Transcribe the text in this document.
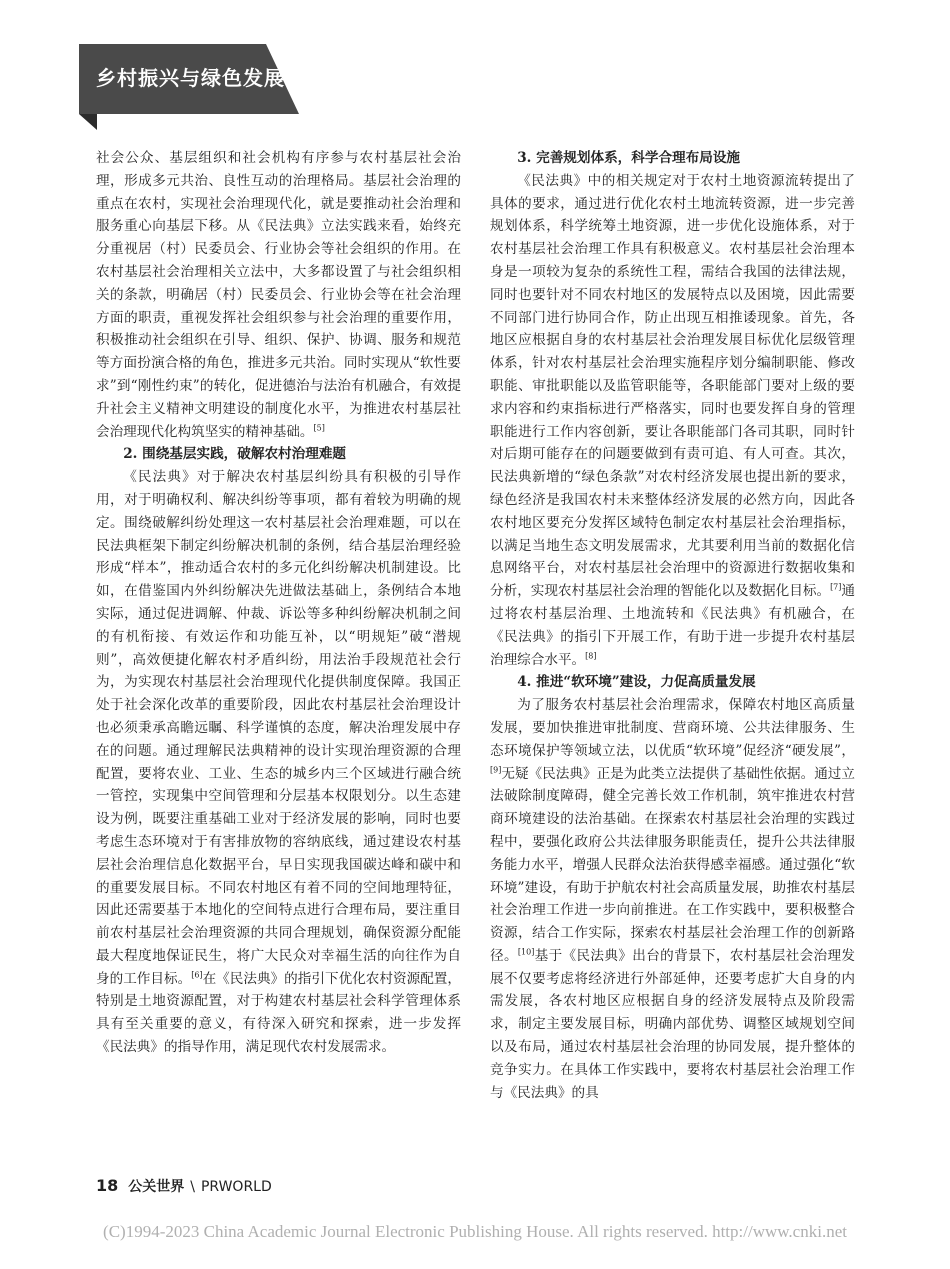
乡村振兴与绿色发展

社会公众、基层组织和社会机构有序参与农村基层社会治理，形成多元共治、良性互动的治理格局。基层社会治理的重点在农村，实现社会治理现代化，就是要推动社会治理和服务重心向基层下移。从《民法典》立法实践来看，始终充分重视居（村）民委员会、行业协会等社会组织的作用。在农村基层社会治理相关立法中，大多都设置了与社会组织相关的条款，明确居（村）民委员会、行业协会等在社会治理方面的职责，重视发挥社会组织参与社会治理的重要作用，积极推动社会组织在引导、组织、保护、协调、服务和规范等方面扮演合格的角色，推进多元共治。同时实现从“软性要求”到“刚性约束”的转化，促进德治与法治有机融合，有效提升社会主义精神文明建设的制度化水平，为推进农村基层社会治理现代化构筑坚实的精神基础。[5]

2. 围绕基层实践，破解农村治理难题

《民法典》对于解决农村基层纠纷具有积极的引导作用，对于明确权利、解决纠纷等事项，都有着较为明确的规定。围绕破解纠纷处理这一农村基层社会治理难题，可以在民法典框架下制定纠纷解决机制的条例，结合基层治理经验形成“样本”，推动适合农村的多元化纠纷解决机制建设。比如，在借鉴国内外纠纷解决先进做法基础上，条例结合本地实际，通过促进调解、仲裁、诉讼等多种纠纷解决机制之间的有机衔接、有效运作和功能互补，以“明规矩”破“潜规则”，高效便捷化解农村矛盾纠纷，用法治手段规范社会行为，为实现农村基层社会治理现代化提供制度保障。我国正处于社会深化改革的重要阶段，因此农村基层社会治理设计也必须秉承高瞻远瞩、科学谨慎的态度，解决治理发展中存在的问题。通过理解民法典精神的设计实现治理资源的合理配置，要将农业、工业、生态的城乡内三个区域进行融合统一管控，实现集中空间管理和分层基本权限划分。以生态建设为例，既要注重基础工业对于经济发展的影响，同时也要考虑生态环境对于有害排放物的容纳底线，通过建设农村基层社会治理信息化数据平台，早日实现我国碳达峰和碳中和的重要发展目标。不同农村地区有着不同的空间地理特征，因此还需要基于本地化的空间特点进行合理布局，要注重目前农村基层社会治理资源的共同合理规划，确保资源分配能最大程度地保证民生，将广大民众对幸福生活的向往作为自身的工作目标。[6]在《民法典》的指引下优化农村资源配置，特别是土地资源配置，对于构建农村基层社会科学管理体系具有至关重要的意义，有待深入研究和探索，进一步发挥《民法典》的指导作用，满足现代农村发展需求。

3. 完善规划体系，科学合理布局设施

《民法典》中的相关规定对于农村土地资源流转提出了具体的要求，通过进行优化农村土地流转资源，进一步完善规划体系，科学统筹土地资源，进一步优化设施体系，对于农村基层社会治理工作具有积极意义。农村基层社会治理本身是一项较为复杂的系统性工程，需结合我国的法律法规，同时也要针对不同农村地区的发展特点以及困境，因此需要不同部门进行协同合作，防止出现互相推诿现象。首先，各地区应根据自身的农村基层社会治理发展目标优化层级管理体系，针对农村基层社会治理实施程序划分编制职能、修改职能、审批职能以及监管职能等，各职能部门要对上级的要求内容和约束指标进行严格落实，同时也要发挥自身的管理职能进行工作内容创新，要让各职能部门各司其职，同时针对后期可能存在的问题要做到有责可追、有人可查。其次，民法典新增的“绿色条款”对农村经济发展也提出新的要求，绿色经济是我国农村未来整体经济发展的必然方向，因此各农村地区要充分发挥区域特色制定农村基层社会治理指标，以满足当地生态文明发展需求，尤其要利用当前的数据化信息网络平台，对农村基层社会治理中的资源进行数据收集和分析，实现农村基层社会治理的智能化以及数据化目标。[7]通过将农村基层治理、土地流转和《民法典》有机融合，在《民法典》的指引下开展工作，有助于进一步提升农村基层治理综合水平。[8]

4. 推进“软环境”建设，力促高质量发展

为了服务农村基层社会治理需求，保障农村地区高质量发展，要加快推进审批制度、营商环境、公共法律服务、生态环境保护等领域立法，以优质“软环境”促经济“硬发展”，[9]无疑《民法典》正是为此类立法提供了基础性依据。通过立法破除制度障碍，健全完善长效工作机制，筑牢推进农村营商环境建设的法治基础。在探索农村基层社会治理的实践过程中，要强化政府公共法律服务职能责任，提升公共法律服务能力水平，增强人民群众法治获得感幸福感。通过强化“软环境”建设，有助于护航农村社会高质量发展，助推农村基层社会治理工作进一步向前推进。在工作实践中，要积极整合资源，结合工作实际，探索农村基层社会治理工作的创新路径。[10]基于《民法典》出台的背景下，农村基层社会治理发展不仅要考虑将经济进行外部延伸，还要考虑扩大自身的内需发展，各农村地区应根据自身的经济发展特点及阶段需求，制定主要发展目标，明确内部优势、调整区域规划空间以及布局，通过农村基层社会治理的协同发展，提升整体的竞争实力。在具体工作实践中，要将农村基层社会治理工作与《民法典》的具

18 公关世界 \ PRWORLD
(C)1994-2023 China Academic Journal Electronic Publishing House. All rights reserved. http://www.cnki.net
